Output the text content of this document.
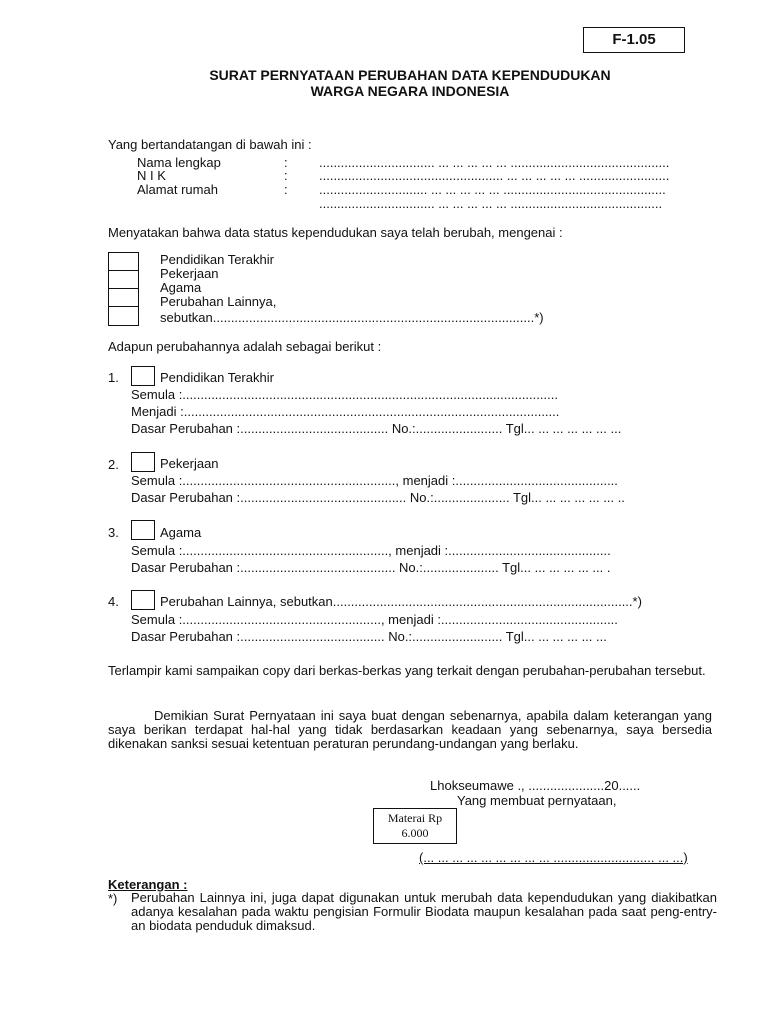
F-1.05
SURAT PERNYATAAN PERUBAHAN DATA KEPENDUDUKAN
WARGA NEGARA INDONESIA
Yang bertandatangan di bawah ini :
Nama lengkap	: ................................ ... ... ... ... ... ............................................
N I K	: ................................................... ... ... ... ... ... .........................
Alamat rumah	: .............................. ... ... ... ... ... .............................................
................................ ... ... ... ... ... ..........................................
Menyatakan bahwa data status kependudukan saya telah berubah, mengenai :
Pendidikan Terakhir
Pekerjaan
Agama
Perubahan Lainnya,
sebutkan.........................................................................................*)
Adapun perubahannya adalah sebagai berikut :
1.	Pendidikan Terakhir
Semula :........................................................................................................
Menjadi :........................................................................................................
Dasar Perubahan :......................................... No.:........................ Tgl... ... ... ... ... ... ...
2.	Pekerjaan
Semula :..........................................................., menjadi :.............................................
Dasar Perubahan :.............................................. No.:..................... Tgl... ... ... ... ... ... ..
3.	Agama
Semula :........................................................., menjadi :.............................................
Dasar Perubahan :........................................... No.:..................... Tgl... ... ... ... ... ... .
4.	Perubahan Lainnya, sebutkan...................................................................................*)
Semula :......................................................., menjadi :.................................................
Dasar Perubahan :........................................ No.:......................... Tgl... ... ... ... ... ...
Terlampir kami sampaikan copy dari berkas-berkas yang terkait dengan perubahan-perubahan tersebut.
Demikian Surat Pernyataan ini saya buat dengan sebenarnya, apabila dalam keterangan yang saya berikan terdapat hal-hal yang tidak berdasarkan keadaan yang sebenarnya, saya bersedia dikenakan sanksi sesuai ketentuan peraturan perundang-undangan yang berlaku.
Lhokseumawe ., .....................20......
Yang membuat pernyataan,
Materai Rp
6.000
(... ... ... ... ... ... ... ... ... ............................ ... ...)
Keterangan :
*) Perubahan Lainnya ini, juga dapat digunakan untuk merubah data kependudukan yang diakibatkan adanya kesalahan pada waktu pengisian Formulir Biodata maupun kesalahan pada saat peng-entry-an biodata penduduk dimaksud.
